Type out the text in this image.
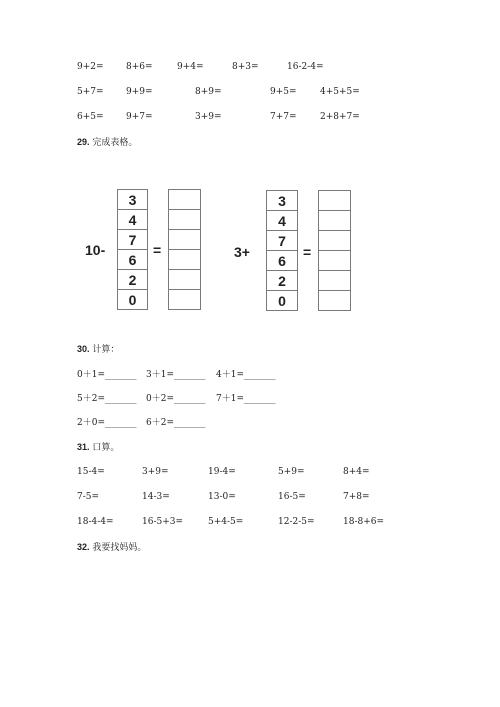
9+2= 8+6=	9+4=	8+3=	16-2-4=
5+7= 9+9=	8+9=	9+5=	4+5+5=
6+5= 9+7=	3+9=	7+7=	2+8+7=
29. 完成表格。
10-
3
4
7
6
2
0
=	3+
3
4
7
6
2
0
=
30. 计算：
0＋1=_______ 3＋1=_______ 4＋1=_______
5＋2=_______ 0＋2=_______ 7＋1=_______
2＋0=_______ 6＋2=_______
31. 口算。
15-4=	3+9=	19-4=	5+9=	8+4=
7-5=	14-3=	13-0=	16-5=	7+8=
18-4-4=	16-5+3=	5+4-5=	12-2-5=	18-8+6=
32. 我要找妈妈。
